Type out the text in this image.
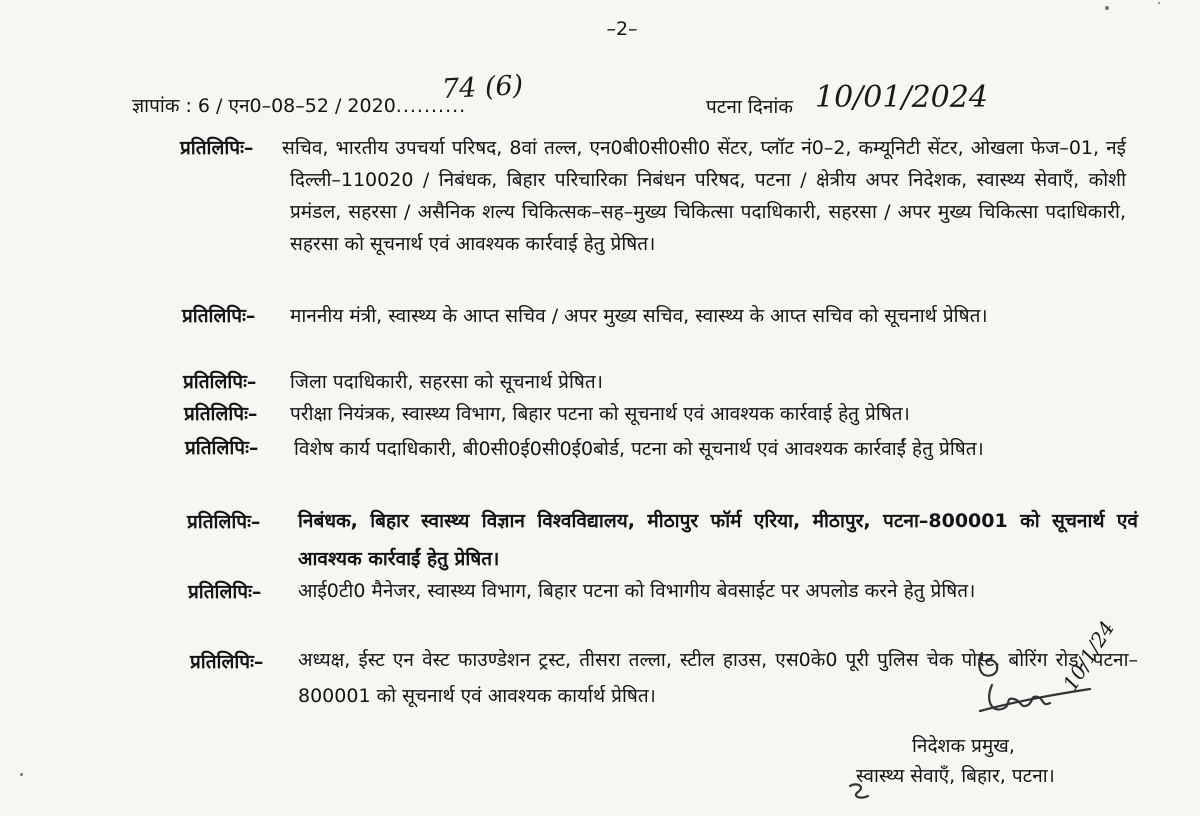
–2–
ज्ञापांक : 6 / एन0–08–52 / 2020..........
74 (6)
पटना दिनांक 10/01/2024
प्रतिलिपिः– सचिव, भारतीय उपचर्या परिषद, 8वां तल्ल, एन0बी0सी0सी0 सेंटर, प्लॉट नं0–2, कम्यूनिटी सेंटर, ओखला फेज–01, नई दिल्ली–110020 / निबंधक, बिहार परिचारिका निबंधन परिषद, पटना / क्षेत्रीय अपर निदेशक, स्वास्थ्य सेवाएँ, कोशी प्रमंडल, सहरसा / असैनिक शल्य चिकित्सक–सह–मुख्य चिकित्सा पदाधिकारी, सहरसा / अपर मुख्य चिकित्सा पदाधिकारी, सहरसा को सूचनार्थ एवं आवश्यक कार्रवाई हेतु प्रेषित।
प्रतिलिपिः– माननीय मंत्री, स्वास्थ्य के आप्त सचिव / अपर मुख्य सचिव, स्वास्थ्य के आप्त सचिव को सूचनार्थ प्रेषित।
प्रतिलिपिः– जिला पदाधिकारी, सहरसा को सूचनार्थ प्रेषित।
प्रतिलिपिः– परीक्षा नियंत्रक, स्वास्थ्य विभाग, बिहार पटना को सूचनार्थ एवं आवश्यक कार्रवाई हेतु प्रेषित।
प्रतिलिपिः– विशेष कार्य पदाधिकारी, बी0सी0ई0सी0ई0बोर्ड, पटना को सूचनार्थ एवं आवश्यक कार्रवाईं हेतु प्रेषित।
प्रतिलिपिः– निबंधक, बिहार स्वास्थ्य विज्ञान विश्वविद्यालय, मीठापुर फॉर्म एरिया, मीठापुर, पटना–800001 को सूचनार्थ एवं आवश्यक कार्रवाईं हेतु प्रेषित।
प्रतिलिपिः– आई0टी0 मैनेजर, स्वास्थ्य विभाग, बिहार पटना को विभागीय बेवसाईट पर अपलोड करने हेतु प्रेषित।
प्रतिलिपिः– अध्यक्ष, ईस्ट एन वेस्ट फाउण्डेशन ट्रस्ट, तीसरा तल्ला, स्टील हाउस, एस0के0 पूरी पुलिस चेक पोस्ट, बोरिंग रोड, पटना–800001 को सूचनार्थ एवं आवश्यक कार्यार्थ प्रेषित।
10/1/24
निदेशक प्रमुख,
स्वास्थ्य सेवाएँ, बिहार, पटना।
